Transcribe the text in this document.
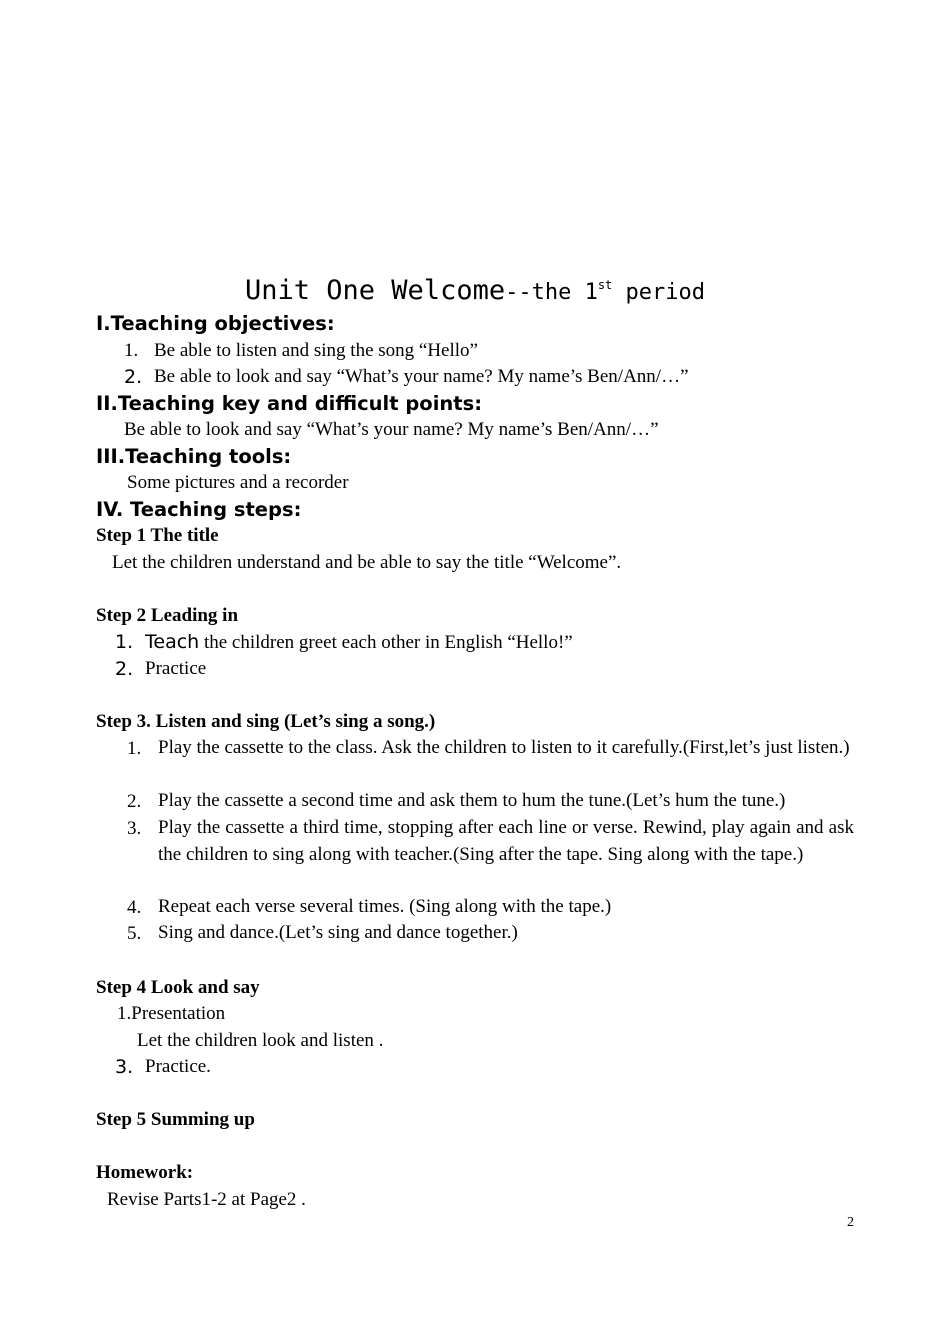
Unit One Welcome--the 1st period
I.Teaching objectives:
1. Be able to listen and sing the song “Hello”
2. Be able to look and say “What’s your name? My name’s Ben/Ann/…”
II.Teaching key and difficult points:
Be able to look and say “What’s your name? My name’s Ben/Ann/…”
III.Teaching tools:
Some pictures and a recorder
IV. Teaching steps:
Step 1 The title
Let the children understand and be able to say the title “Welcome”.
Step 2 Leading in
1. Teach the children greet each other in English “Hello!”
2. Practice
Step 3. Listen and sing (Let’s sing a song.)
1. Play the cassette to the class. Ask the children to listen to it carefully.(First,let’s just listen.)
2. Play the cassette a second time and ask them to hum the tune.(Let’s hum the tune.)
3. Play the cassette a third time, stopping after each line or verse. Rewind, play again and ask the children to sing along with teacher.(Sing after the tape. Sing along with the tape.)
4. Repeat each verse several times. (Sing along with the tape.)
5. Sing and dance.(Let’s sing and dance together.)
Step 4 Look and say
1.Presentation
Let the children look and listen .
3. Practice.
Step 5 Summing up
Homework:
Revise Parts1-2 at Page2 .
2
